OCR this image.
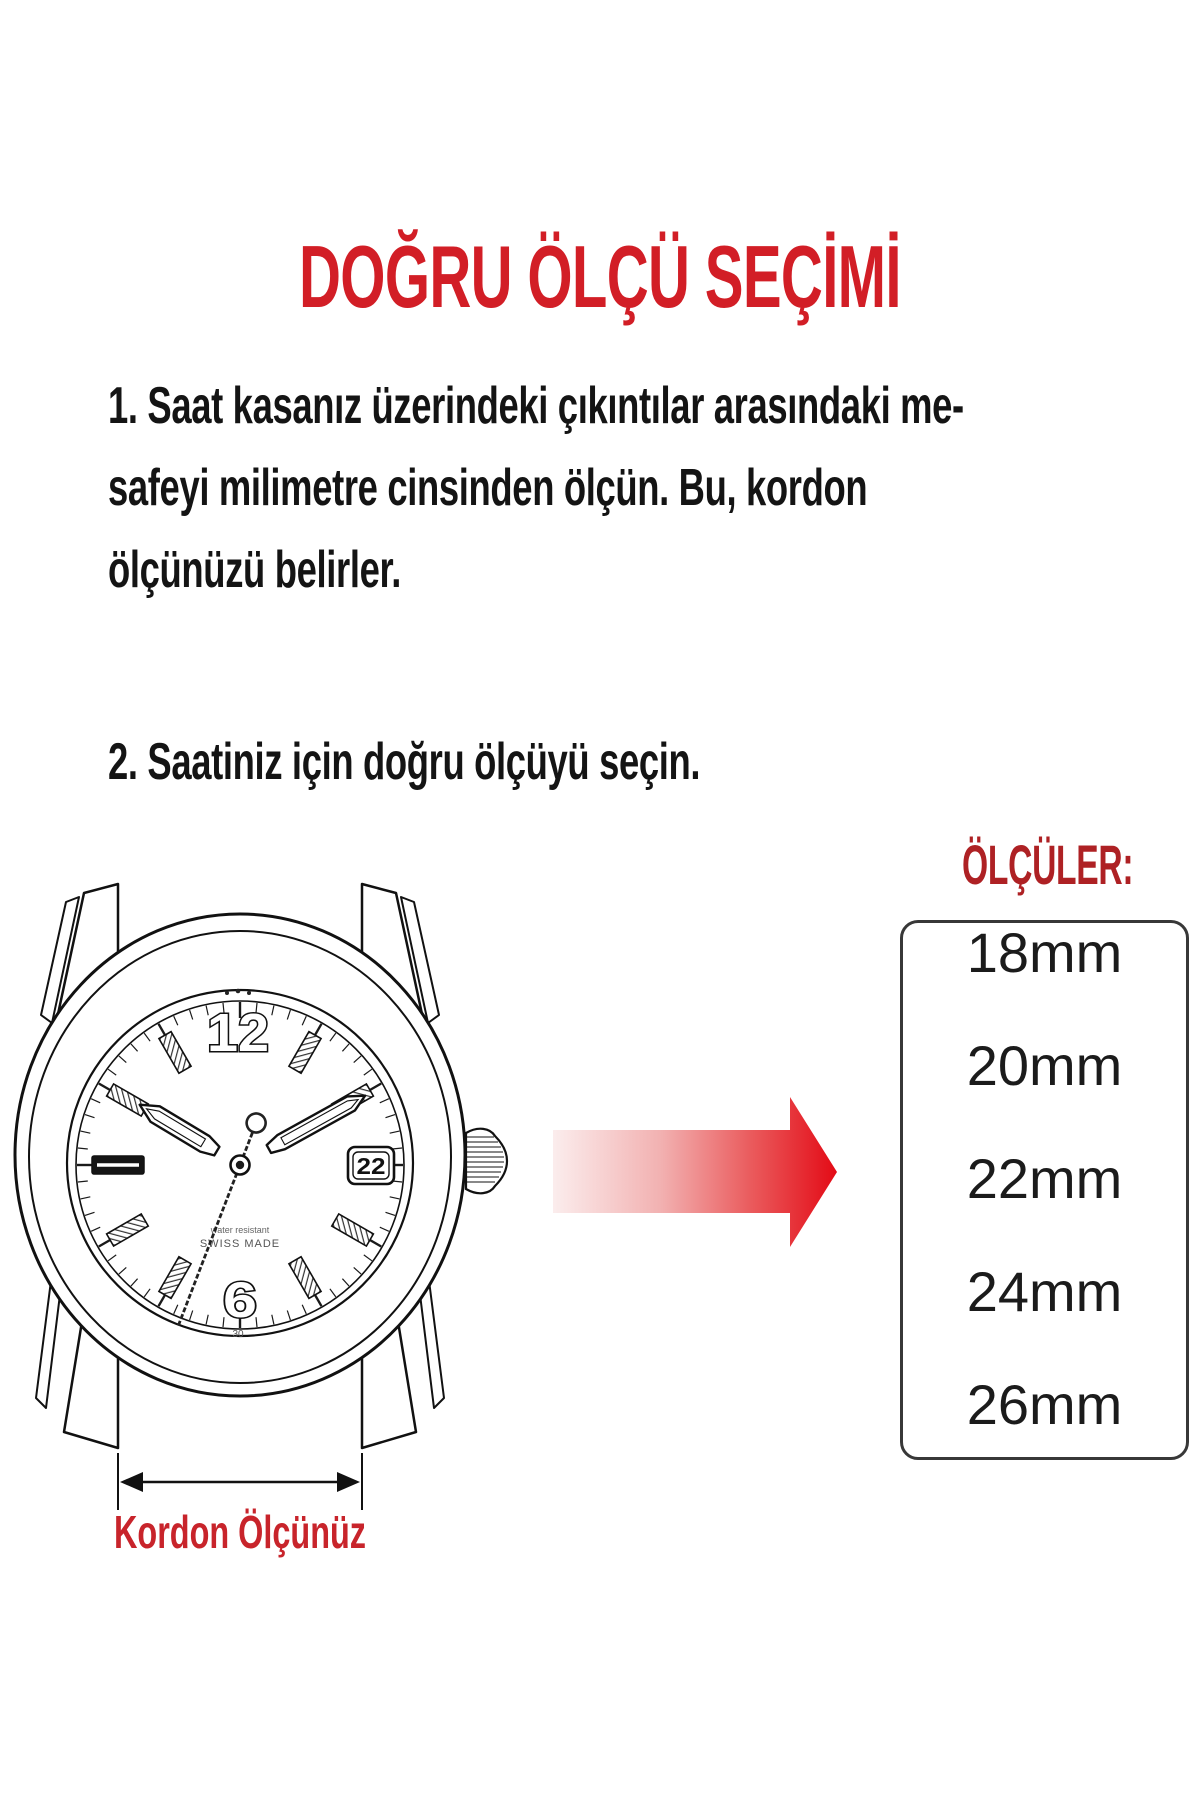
DOĞRU ÖLÇÜ SEÇİMİ
1. Saat kasanız üzerindeki çıkıntılar arasındaki me-
safeyi milimetre cinsinden ölçün. Bu, kordon
ölçünüzü belirler.
2. Saatiniz için doğru ölçüyü seçin.
22
12
6
water resistant
SWISS MADE
30
Kordon Ölçünüz
ÖLÇÜLER:
18mm
20mm
22mm
24mm
26mm
